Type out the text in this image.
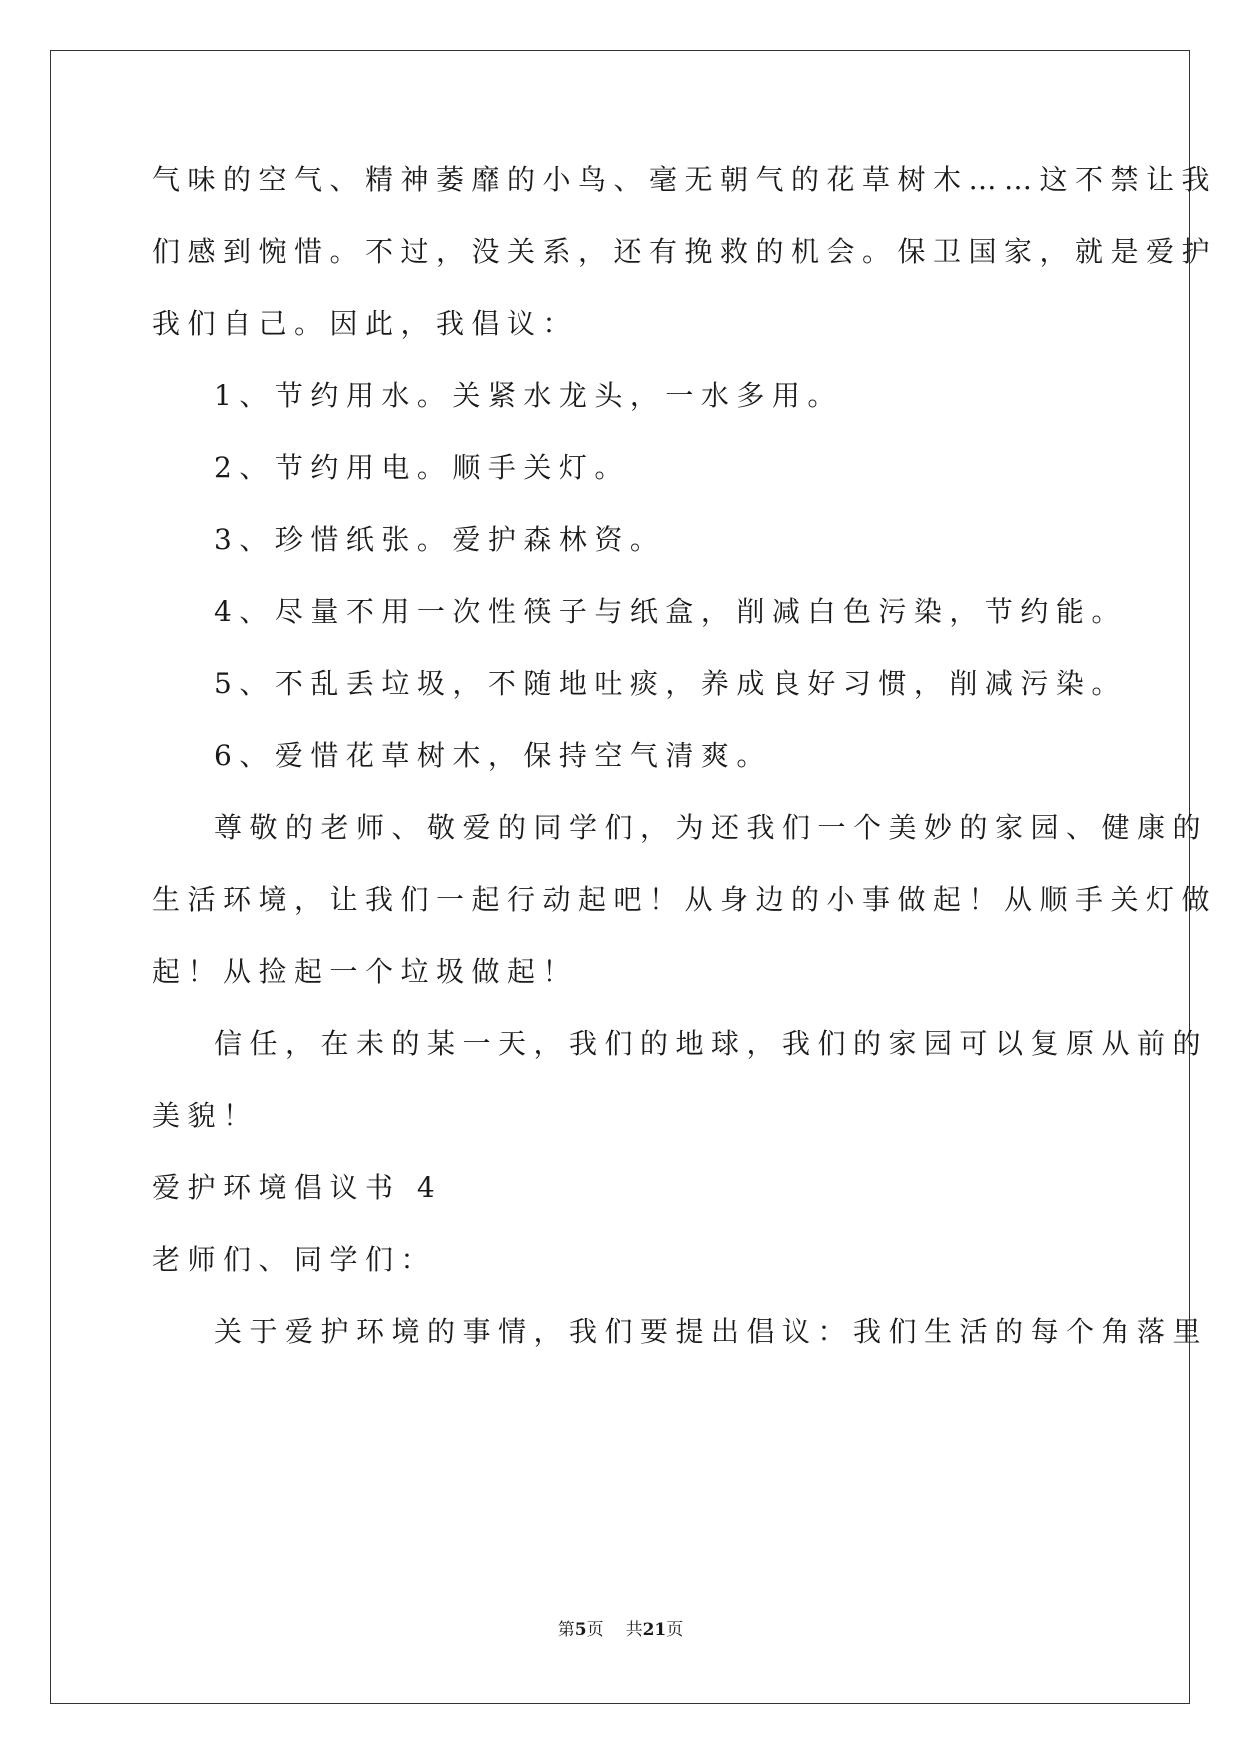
气味的空气、精神萎靡的小鸟、毫无朝气的花草树木……这不禁让我
们感到惋惜。不过，没关系，还有挽救的机会。保卫国家，就是爱护
我们自己。因此，我倡议：
1、节约用水。关紧水龙头，一水多用。
2、节约用电。顺手关灯。
3、珍惜纸张。爱护森林资。
4、尽量不用一次性筷子与纸盒，削减白色污染，节约能。
5、不乱丢垃圾，不随地吐痰，养成良好习惯，削减污染。
6、爱惜花草树木，保持空气清爽。
尊敬的老师、敬爱的同学们，为还我们一个美妙的家园、健康的
生活环境，让我们一起行动起吧！从身边的小事做起！从顺手关灯做
起！从捡起一个垃圾做起！
信任，在未的某一天，我们的地球，我们的家园可以复原从前的
美貌！
爱护环境倡议书 4
老师们、同学们：
关于爱护环境的事情，我们要提出倡议：我们生活的每个角落里
第5页 共21页
